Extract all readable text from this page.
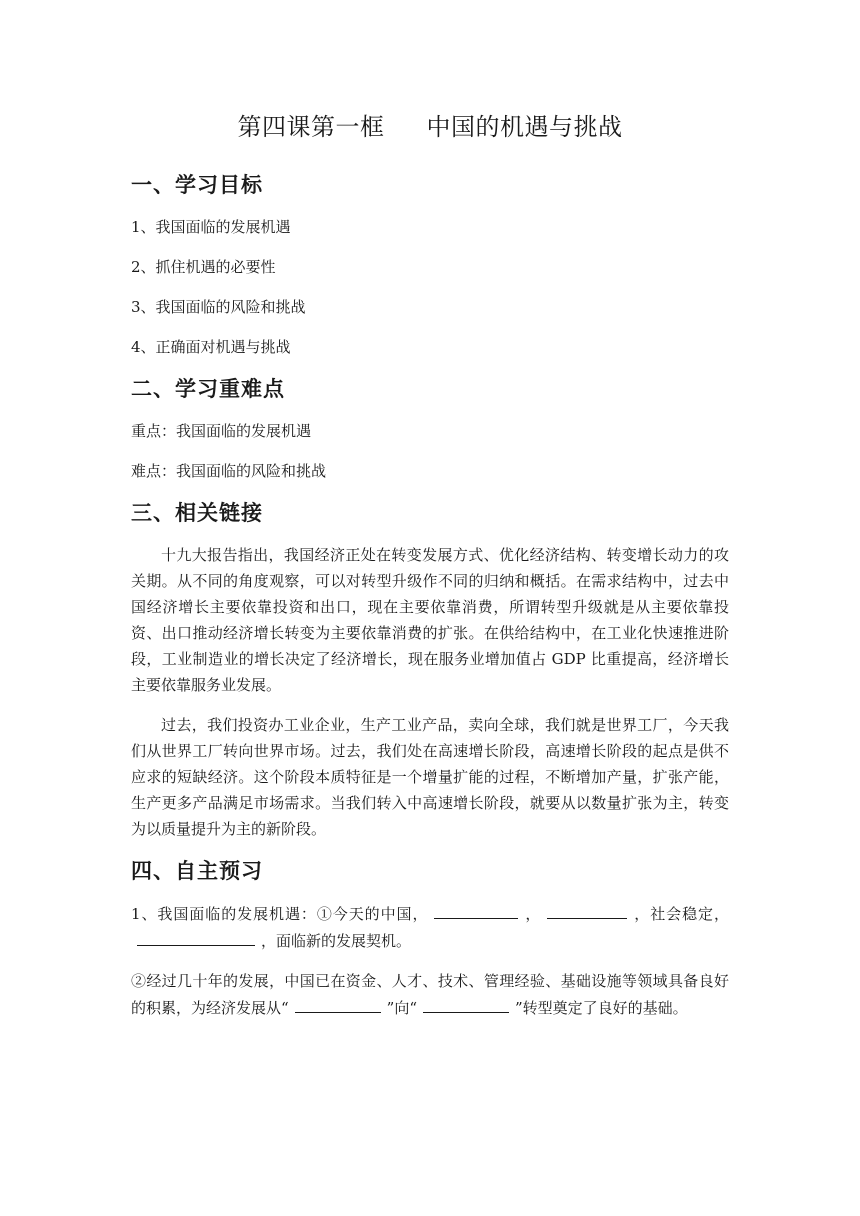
第四课第一框 中国的机遇与挑战
一、学习目标

1、我国面临的发展机遇

2、抓住机遇的必要性

3、我国面临的风险和挑战

4、正确面对机遇与挑战

二、学习重难点

重点：我国面临的发展机遇

难点：我国面临的风险和挑战

三、相关链接

十九大报告指出，我国经济正处在转变发展方式、优化经济结构、转变增长动力的攻关期。从不同的角度观察，可以对转型升级作不同的归纳和概括。在需求结构中，过去中国经济增长主要依靠投资和出口，现在主要依靠消费，所谓转型升级就是从主要依靠投资、出口推动经济增长转变为主要依靠消费的扩张。在供给结构中，在工业化快速推进阶段，工业制造业的增长决定了经济增长，现在服务业增加值占 GDP 比重提高，经济增长主要依靠服务业发展。

过去，我们投资办工业企业，生产工业产品，卖向全球，我们就是世界工厂，今天我们从世界工厂转向世界市场。过去，我们处在高速增长阶段，高速增长阶段的起点是供不应求的短缺经济。这个阶段本质特征是一个增量扩能的过程，不断增加产量，扩张产能，生产更多产品满足市场需求。当我们转入中高速增长阶段，就要从以数量扩张为主，转变为以质量提升为主的新阶段。

四、自主预习

1、我国面临的发展机遇：①今天的中国，	，	，社会稳定，，面临新的发展契机。

②经过几十年的发展，中国已在资金、人才、技术、管理经验、基础设施等领域具备良好的积累，为经济发展从“	”向“	”转型奠定了良好的基础。
